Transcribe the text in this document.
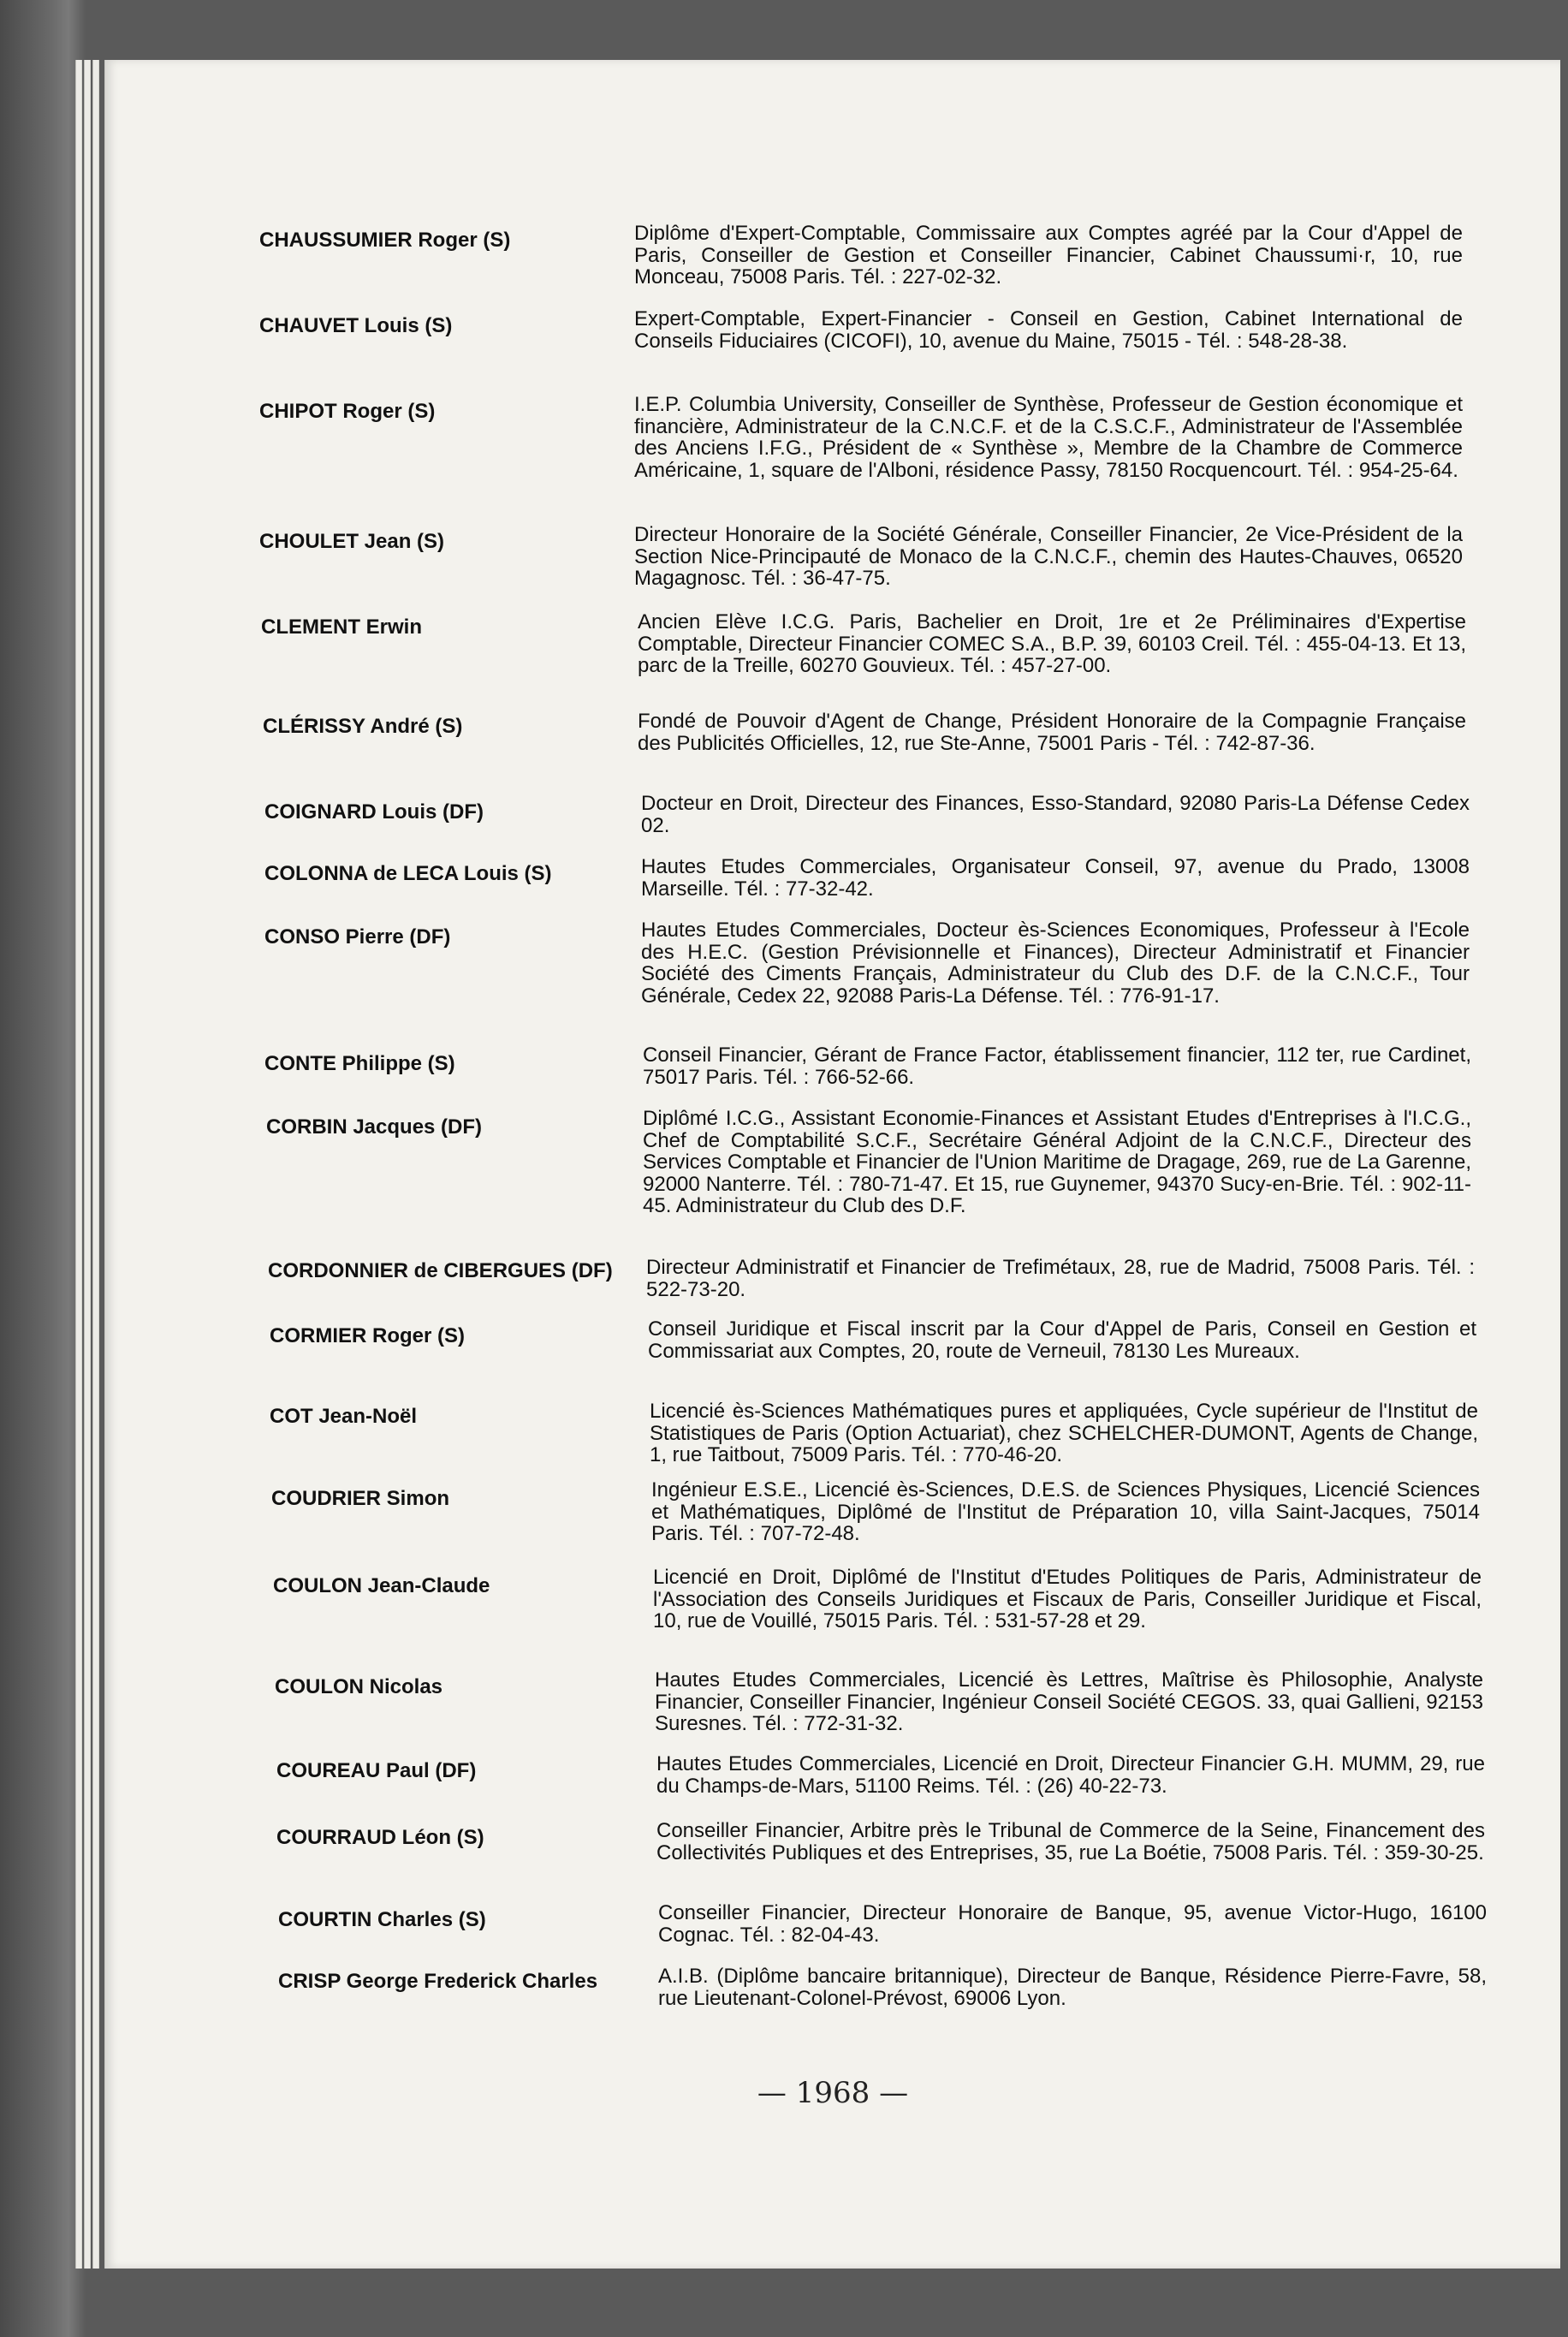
CHAUSSUMIER Roger (S)	Diplôme d'Expert-Comptable, Commissaire aux Comptes agréé par la Cour d'Appel de Paris, Conseiller de Gestion et Conseiller Financier, Cabinet Chaussumi·r, 10, rue Monceau, 75008 Paris. Tél. : 227-02-32.
CHAUVET Louis (S)	Expert-Comptable, Expert-Financier - Conseil en Gestion, Cabinet International de Conseils Fiduciaires (CICOFI), 10, avenue du Maine, 75015 - Tél. : 548-28-38.
CHIPOT Roger (S)	I.E.P. Columbia University, Conseiller de Synthèse, Professeur de Gestion économique et financière, Administrateur de la C.N.C.F. et de la C.S.C.F., Administrateur de l'Assemblée des Anciens I.F.G., Président de « Synthèse », Membre de la Chambre de Commerce Américaine, 1, square de l'Alboni, résidence Passy, 78150 Rocquencourt. Tél. : 954-25-64.
CHOULET Jean (S)	Directeur Honoraire de la Société Générale, Conseiller Financier, 2e Vice-Président de la Section Nice-Principauté de Monaco de la C.N.C.F., chemin des Hautes-Chauves, 06520 Magagnosc. Tél. : 36-47-75.
CLEMENT Erwin	Ancien Elève I.C.G. Paris, Bachelier en Droit, 1re et 2e Préliminaires d'Expertise Comptable, Directeur Financier COMEC S.A., B.P. 39, 60103 Creil. Tél. : 455-04-13. Et 13, parc de la Treille, 60270 Gouvieux. Tél. : 457-27-00.
CLÉRISSY André (S)	Fondé de Pouvoir d'Agent de Change, Président Honoraire de la Compagnie Française des Publicités Officielles, 12, rue Ste-Anne, 75001 Paris - Tél. : 742-87-36.
COIGNARD Louis (DF)	Docteur en Droit, Directeur des Finances, Esso-Standard, 92080 Paris-La Défense Cedex 02.
COLONNA de LECA Louis (S)	Hautes Etudes Commerciales, Organisateur Conseil, 97, avenue du Prado, 13008 Marseille. Tél. : 77-32-42.
CONSO Pierre (DF)	Hautes Etudes Commerciales, Docteur ès-Sciences Economiques, Professeur à l'Ecole des H.E.C. (Gestion Prévisionnelle et Finances), Directeur Administratif et Financier Société des Ciments Français, Administrateur du Club des D.F. de la C.N.C.F., Tour Générale, Cedex 22, 92088 Paris-La Défense. Tél. : 776-91-17.
CONTE Philippe (S)	Conseil Financier, Gérant de France Factor, établissement financier, 112 ter, rue Cardinet, 75017 Paris. Tél. : 766-52-66.
CORBIN Jacques (DF)	Diplômé I.C.G., Assistant Economie-Finances et Assistant Etudes d'Entreprises à l'I.C.G., Chef de Comptabilité S.C.F., Secrétaire Général Adjoint de la C.N.C.F., Directeur des Services Comptable et Financier de l'Union Maritime de Dragage, 269, rue de La Garenne, 92000 Nanterre. Tél. : 780-71-47. Et 15, rue Guynemer, 94370 Sucy-en-Brie. Tél. : 902-11-45. Administrateur du Club des D.F.
CORDONNIER de CIBERGUES (DF)	Directeur Administratif et Financier de Trefimétaux, 28, rue de Madrid, 75008 Paris. Tél. : 522-73-20.
CORMIER Roger (S)	Conseil Juridique et Fiscal inscrit par la Cour d'Appel de Paris, Conseil en Gestion et Commissariat aux Comptes, 20, route de Verneuil, 78130 Les Mureaux.
COT Jean-Noël	Licencié ès-Sciences Mathématiques pures et appliquées, Cycle supérieur de l'Institut de Statistiques de Paris (Option Actuariat), chez SCHELCHER-DUMONT, Agents de Change, 1, rue Taitbout, 75009 Paris. Tél. : 770-46-20.
COUDRIER Simon	Ingénieur E.S.E., Licencié ès-Sciences, D.E.S. de Sciences Physiques, Licencié Sciences et Mathématiques, Diplômé de l'Institut de Préparation 10, villa Saint-Jacques, 75014 Paris. Tél. : 707-72-48.
COULON Jean-Claude	Licencié en Droit, Diplômé de l'Institut d'Etudes Politiques de Paris, Administrateur de l'Association des Conseils Juridiques et Fiscaux de Paris, Conseiller Juridique et Fiscal, 10, rue de Vouillé, 75015 Paris. Tél. : 531-57-28 et 29.
COULON Nicolas	Hautes Etudes Commerciales, Licencié ès Lettres, Maîtrise ès Philosophie, Analyste Financier, Conseiller Financier, Ingénieur Conseil Société CEGOS. 33, quai Gallieni, 92153 Suresnes. Tél. : 772-31-32.
COUREAU Paul (DF)	Hautes Etudes Commerciales, Licencié en Droit, Directeur Financier G.H. MUMM, 29, rue du Champs-de-Mars, 51100 Reims. Tél. : (26) 40-22-73.
COURRAUD Léon (S)	Conseiller Financier, Arbitre près le Tribunal de Commerce de la Seine, Financement des Collectivités Publiques et des Entreprises, 35, rue La Boétie, 75008 Paris. Tél. : 359-30-25.
COURTIN Charles (S)	Conseiller Financier, Directeur Honoraire de Banque, 95, avenue Victor-Hugo, 16100 Cognac. Tél. : 82-04-43.
CRISP George Frederick Charles	A.I.B. (Diplôme bancaire britannique), Directeur de Banque, Résidence Pierre-Favre, 58, rue Lieutenant-Colonel-Prévost, 69006 Lyon.
— 1968 —
